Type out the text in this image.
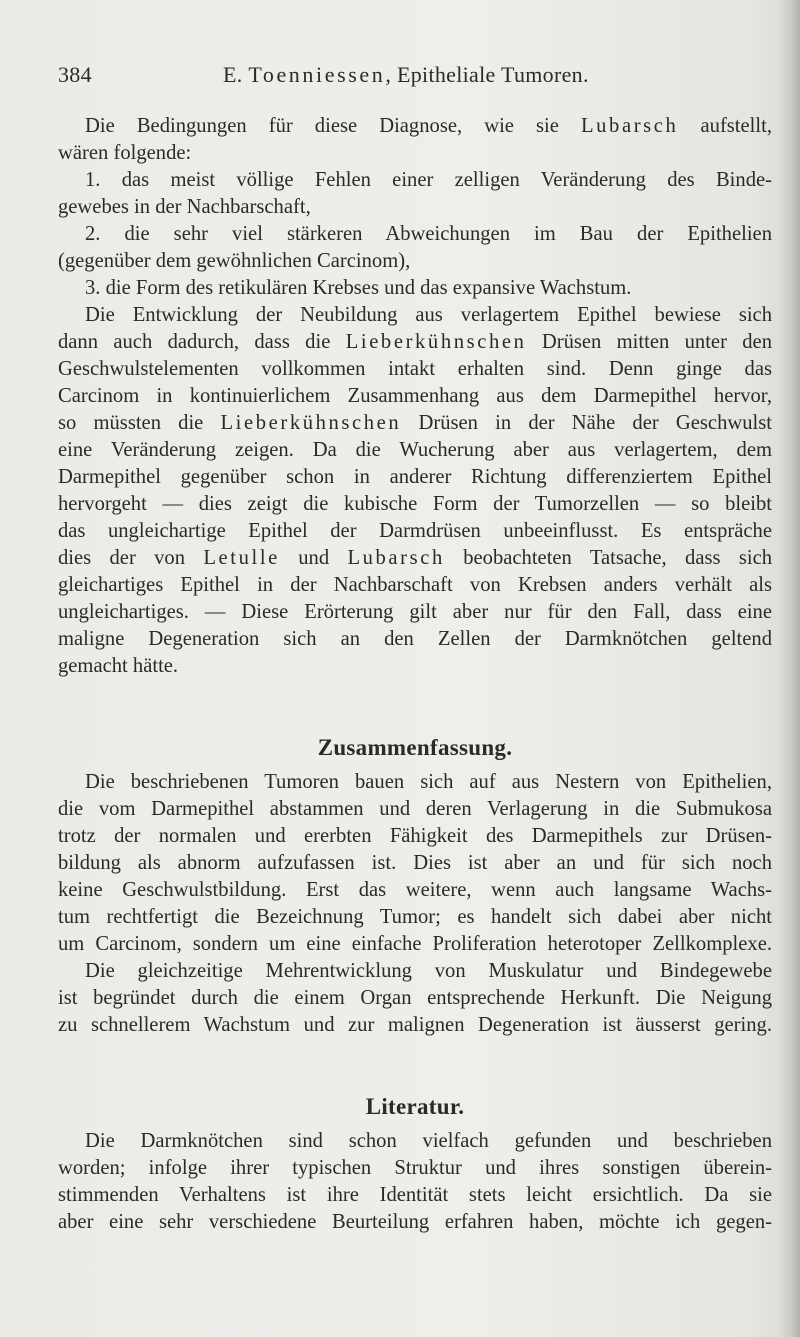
384	E. Toenniessen, Epitheliale Tumoren.
Die Bedingungen für diese Diagnose, wie sie Lubarsch aufstellt,
wären folgende:
1. das meist völlige Fehlen einer zelligen Veränderung des Binde-
gewebes in der Nachbarschaft,
2. die sehr viel stärkeren Abweichungen im Bau der Epithelien
(gegenüber dem gewöhnlichen Carcinom),
3. die Form des retikulären Krebses und das expansive Wachstum.
Die Entwicklung der Neubildung aus verlagertem Epithel bewiese sich
dann auch dadurch, dass die Lieberkühnschen Drüsen mitten unter den
Geschwulstelementen vollkommen intakt erhalten sind. Denn ginge das
Carcinom in kontinuierlichem Zusammenhang aus dem Darmepithel hervor,
so müssten die Lieberkühnschen Drüsen in der Nähe der Geschwulst
eine Veränderung zeigen. Da die Wucherung aber aus verlagertem, dem
Darmepithel gegenüber schon in anderer Richtung differenziertem Epithel
hervorgeht — dies zeigt die kubische Form der Tumorzellen — so bleibt
das ungleichartige Epithel der Darmdrüsen unbeeinflusst. Es entspräche
dies der von Letulle und Lubarsch beobachteten Tatsache, dass sich
gleichartiges Epithel in der Nachbarschaft von Krebsen anders verhält als
ungleichartiges. — Diese Erörterung gilt aber nur für den Fall, dass eine
maligne Degeneration sich an den Zellen der Darmknötchen geltend
gemacht hätte.
Zusammenfassung.
Die beschriebenen Tumoren bauen sich auf aus Nestern von Epithelien,
die vom Darmepithel abstammen und deren Verlagerung in die Submukosa
trotz der normalen und ererbten Fähigkeit des Darmepithels zur Drüsen-
bildung als abnorm aufzufassen ist. Dies ist aber an und für sich noch
keine Geschwulstbildung. Erst das weitere, wenn auch langsame Wachs-
tum rechtfertigt die Bezeichnung Tumor; es handelt sich dabei aber nicht
um Carcinom, sondern um eine einfache Proliferation heterotoper Zellkomplexe.
Die gleichzeitige Mehrentwicklung von Muskulatur und Bindegewebe
ist begründet durch die einem Organ entsprechende Herkunft. Die Neigung
zu schnellerem Wachstum und zur malignen Degeneration ist äusserst gering.
Literatur.
Die Darmknötchen sind schon vielfach gefunden und beschrieben
worden; infolge ihrer typischen Struktur und ihres sonstigen überein-
stimmenden Verhaltens ist ihre Identität stets leicht ersichtlich. Da sie
aber eine sehr verschiedene Beurteilung erfahren haben, möchte ich gegen-
